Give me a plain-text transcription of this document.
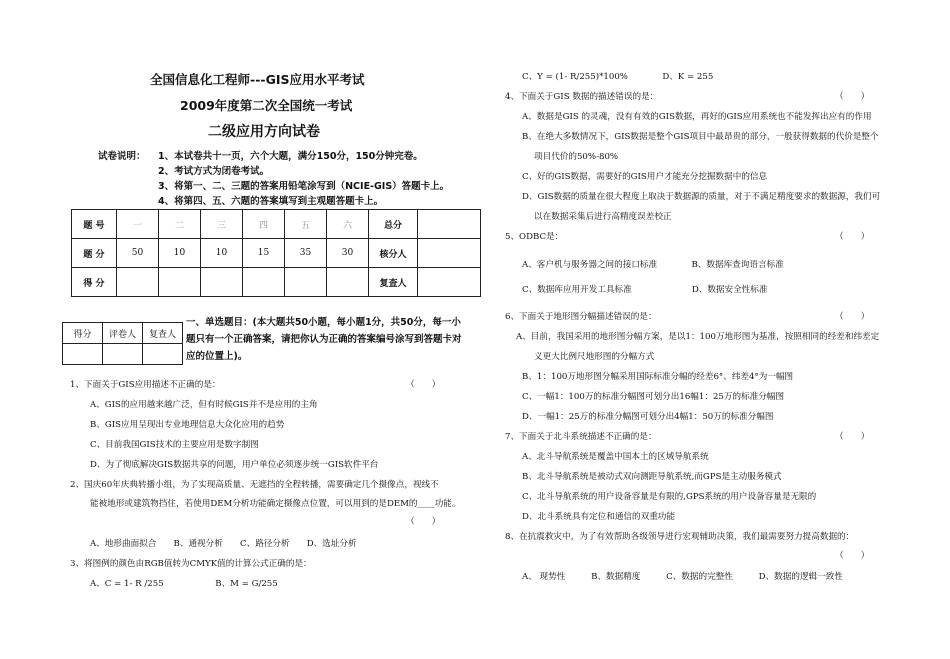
全国信息化工程师---GIS应用水平考试
2009年度第二次全国统一考试
二级应用方向试卷
试卷说明： 1、本试卷共十一页，六个大题，满分150分，150分钟完卷。
2、考试方式为闭卷考试。
3、将第一、二、三题的答案用铅笔涂写到（NCIE-GIS）答题卡上。
4、将第四、五、六题的答案填写到主观题答题卡上。
题 号	一	二	三	四	五	六	总分	
题 分	50	10	10	15	35	30	核分人	
得 分							复查人	
得分	评卷人	复查人

一、单选题目：(本大题共50小题，每小题1分，共50分，每一小题只有一个正确答案，请把你认为正确的答案编号涂写到答题卡对应的位置上)。
1、下面关于GIS应用描述不正确的是：	（　　）
A、GIS的应用越来越广泛，但有时候GIS并不是应用的主角
B、GIS应用呈现出专业地理信息大众化应用的趋势
C、目前我国GIS技术的主要应用是数字制图
D、为了彻底解决GIS数据共享的问题，用户单位必须逐步统一GIS软件平台
2、国庆60年庆典转播小组，为了实现高质量、无遮挡的全程转播，需要确定几个摄像点，视线不
能被地形或建筑物挡住，若使用DEM分析功能确定摄像点位置，可以用到的是DEM的____功能。
（　　）
A、地形曲面拟合　　B、通视分析　　C、路径分析　　D、选址分析
3、将图例的颜色由RGB值转为CMYK值的计算公式正确的是：
A、C = 1- R /255　　　　　　B、M = G/255
C、Y = (1- R/255)*100%　　　　D、K = 255
4、下面关于GIS 数据的描述错误的是：	（　　）
A、数据是GIS 的灵魂，没有有效的GIS数据，再好的GIS应用系统也不能发挥出应有的作用
B、在绝大多数情况下，GIS数据是整个GIS项目中最昂贵的部分，一般获得数据的代价是整个
项目代价的50%-80%
C、好的GIS数据，需要好的GIS用户才能充分挖掘数据中的信息
D、GIS数据的质量在很大程度上取决于数据源的质量，对于不满足精度要求的数据源，我们可
以在数据采集后进行高精度误差校正
5、ODBC是：	（　　）
A、客户机与服务器之间的接口标准　　　　B、数据库查询语言标准
C、数据库应用开发工具标准　　　　　　　D、数据安全性标准
6、下面关于地形图分幅描述错误的是：	（　　）
A、目前，我国采用的地形图分幅方案，是以1：100万地形图为基准，按照相同的经差和纬差定
义更大比例尺地形图的分幅方式
B、1：100万地形图分幅采用国际标准分幅的经差6°、纬差4°为一幅图
C、一幅1：100万的标准分幅图可划分出16幅1：25万的标准分幅图
D、一幅1：25万的标准分幅图可划分出4幅1：50万的标准分幅图
7、下面关于北斗系统描述不正确的是：	（　　）
A、北斗导航系统是覆盖中国本土的区域导航系统
B、北斗导航系统是被动式双向测距导航系统,而GPS是主动服务模式
C、北斗导航系统的用户设备容量是有限的,GPS系统的用户设备容量是无限的
D、北斗系统具有定位和通信的双重功能
8、在抗震救灾中，为了有效帮助各级领导进行宏观辅助决策，我们最需要努力提高数据的：
（　　）
A、 现势性　　　B、数据精度　　　C、数据的完整性　　　D、数据的逻辑一致性
